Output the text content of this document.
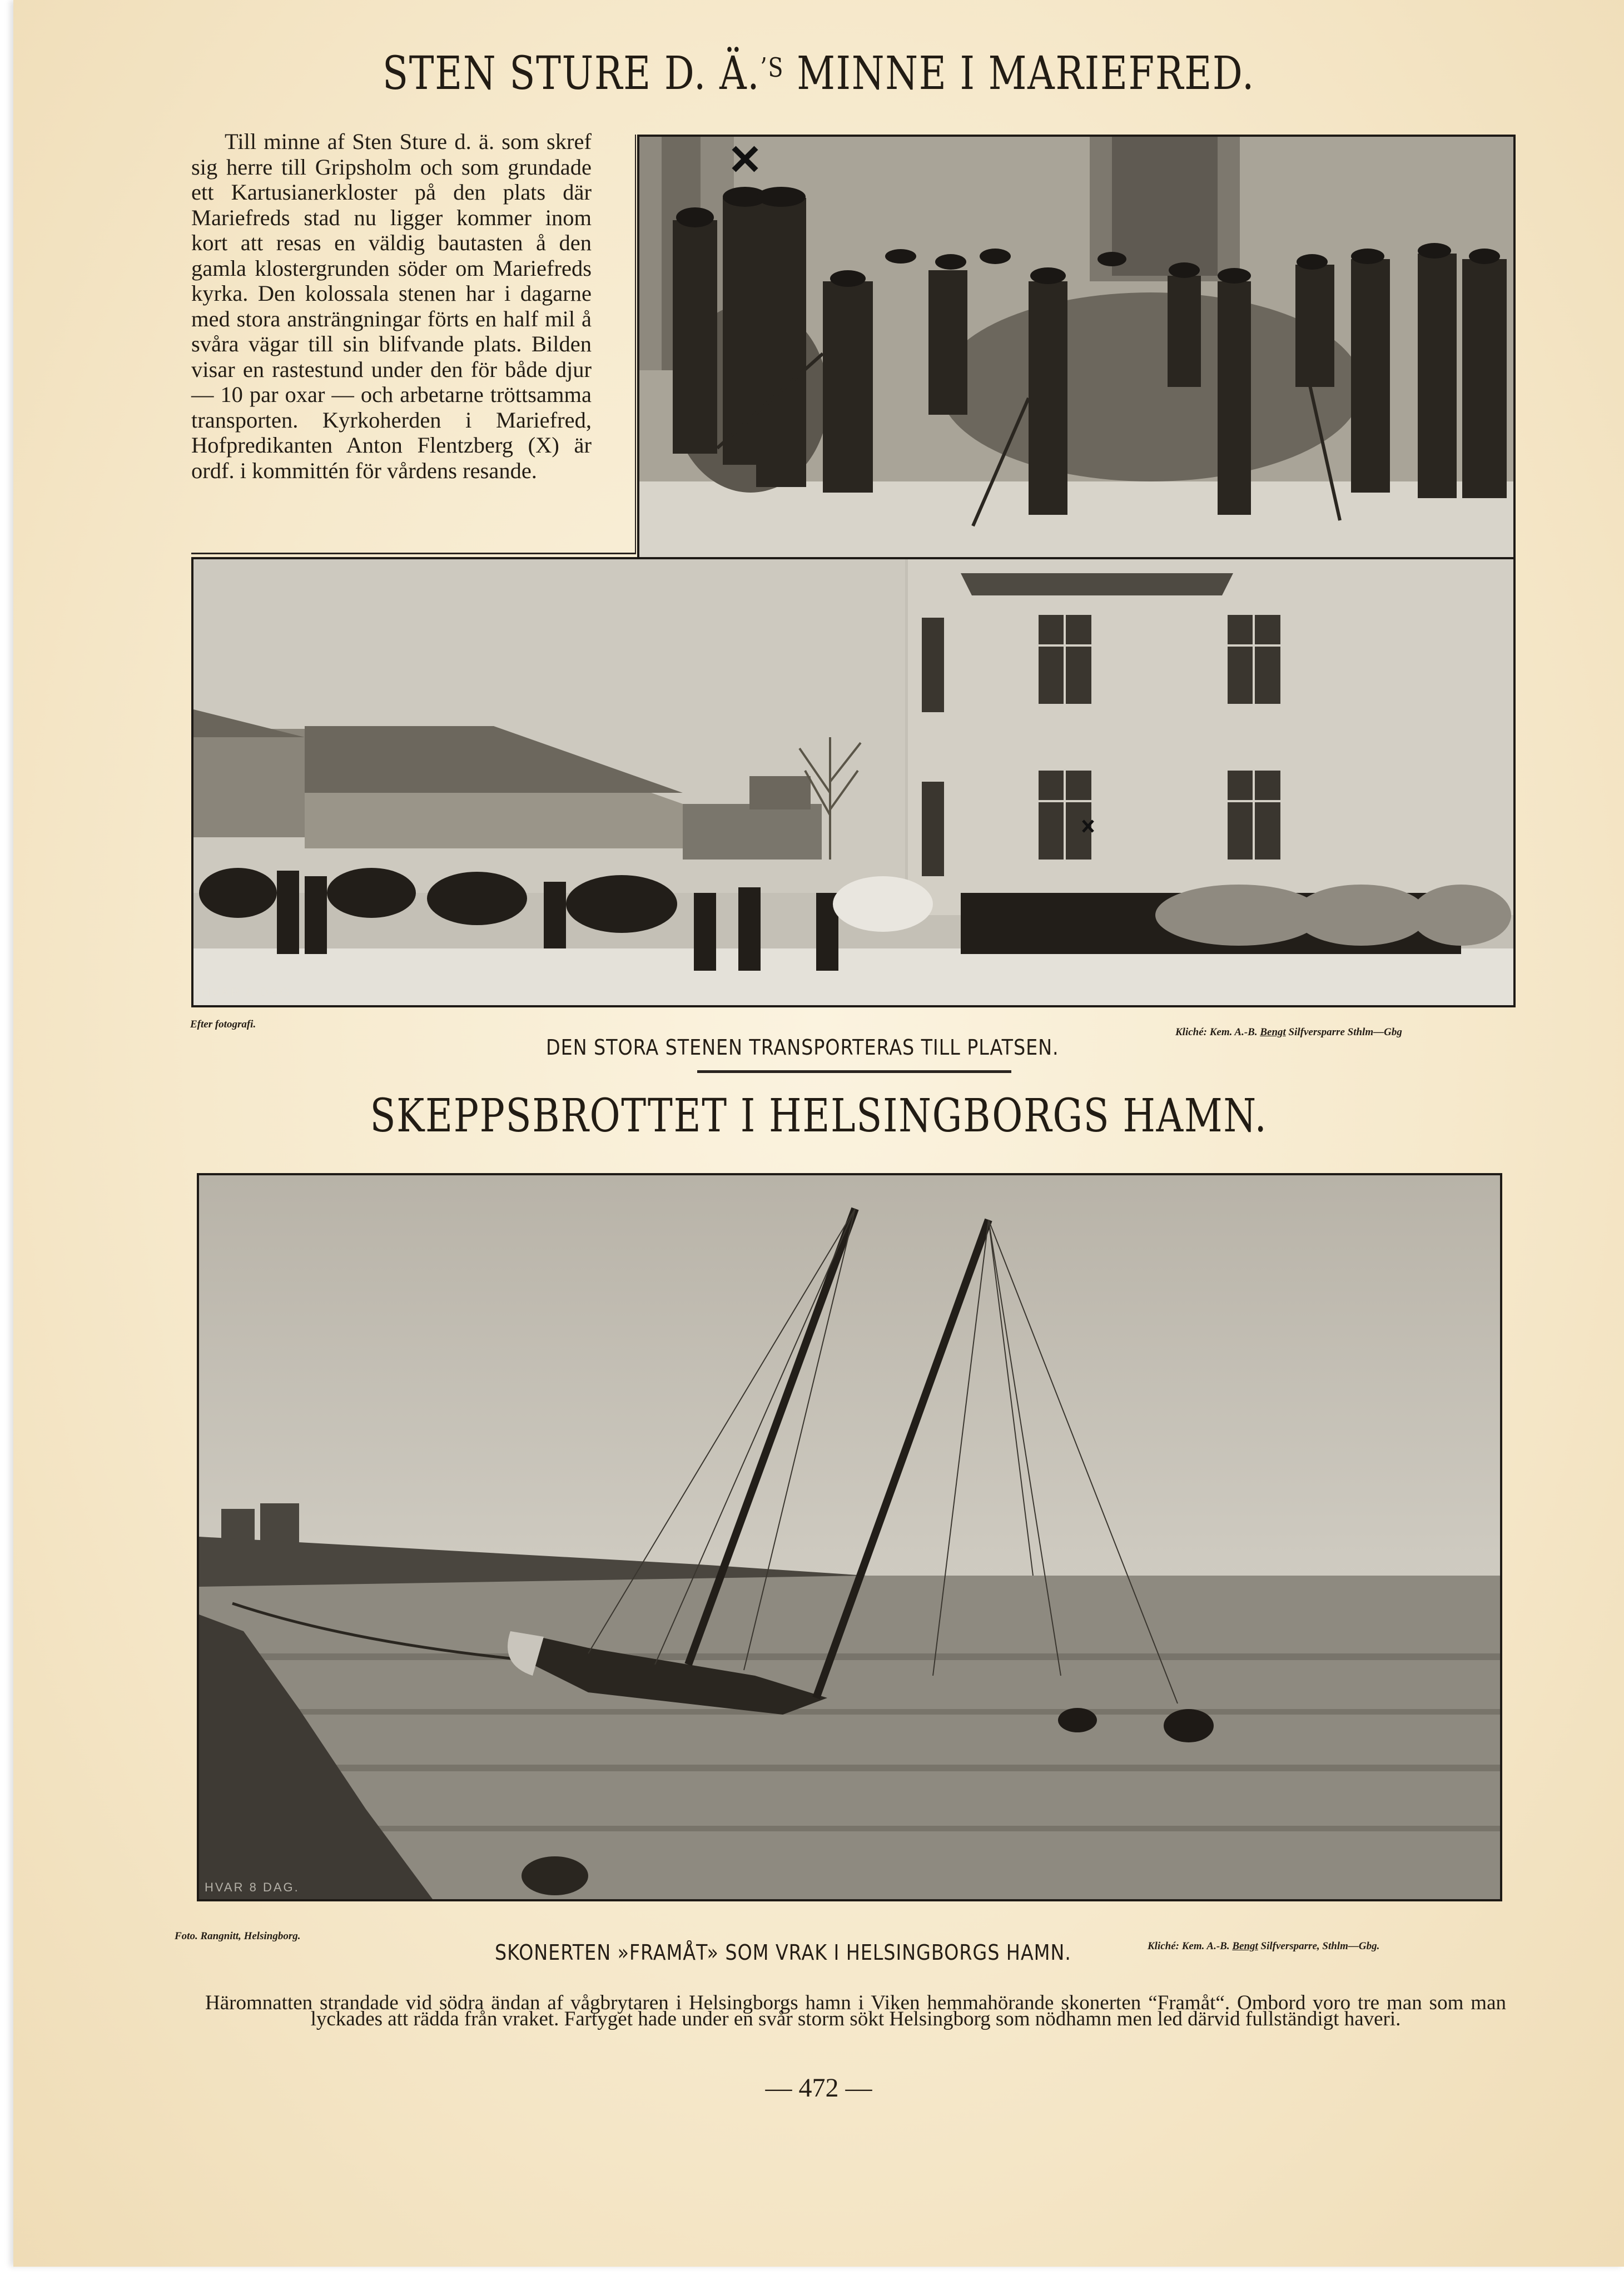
STEN STURE D. Ä.$^{’S}$ MINNE I MARIEFRED.
Till minne af Sten Sture d. ä. som skref sig herre till Gripsholm och som grundade ett Kartusianerkloster på den plats där Mariefreds stad nu ligger kommer inom kort att resas en väldig bautasten å den gamla klostergrunden söder om Mariefreds kyrka. Den kolossala stenen har i dagarne med stora ansträngningar förts en half mil å svåra vägar till sin blifvande plats. Bilden visar en rastestund under den för både djur — 10 par oxar — och arbetarne tröttsamma transporten. Kyrkoherden i Mariefred, Hofpredikanten Anton Flentzberg (X) är ordf. i kommittén för vårdens resande.
HVAR 8 DAG.
Efter fotografi.
Kliché: Kem. A.-B. Bengt Silfversparre Sthlm—Gbg
DEN STORA STENEN TRANSPORTERAS TILL PLATSEN.
SKEPPSBROTTET I HELSINGBORGS HAMN.
HVAR 8 DAG.
Foto. Rangnitt, Helsingborg.
Kliché: Kem. A.-B. Bengt Silfversparre, Sthlm—Gbg.
SKONERTEN »FRAMÅT» SOM VRAK I HELSINGBORGS HAMN.
Häromnatten strandade vid södra ändan af vågbrytaren i Helsingborgs hamn i Viken hemmahörande skonerten “Framåt“. Ombord voro tre man som man lyckades att rädda från vraket. Fartyget hade under en svår storm sökt Helsingborg som nödhamn men led därvid fullständigt haveri.
— 472 —
